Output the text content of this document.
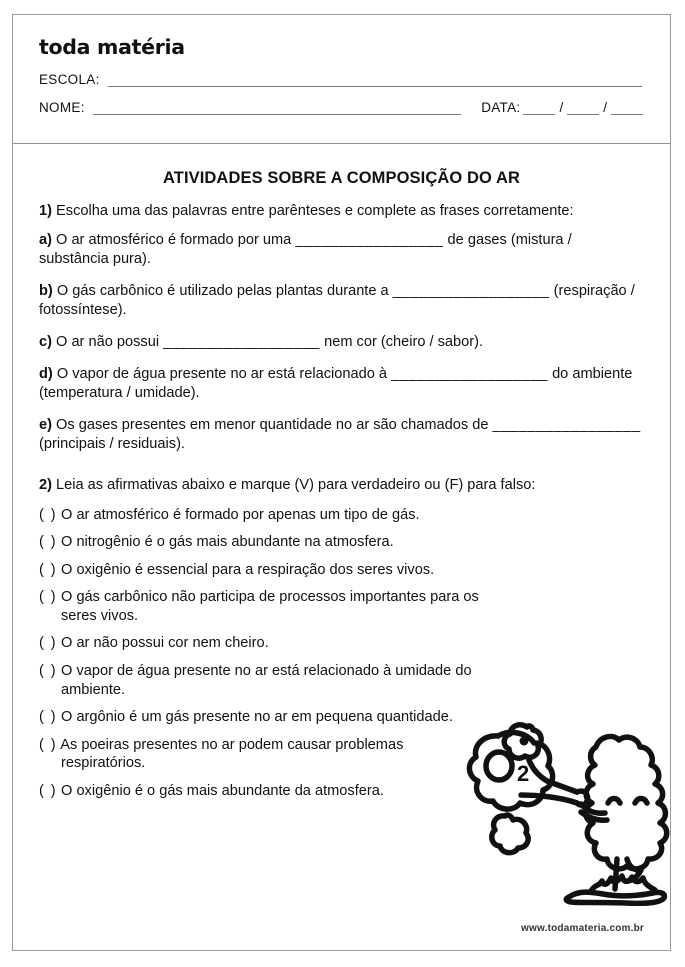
toda matéria
ESCOLA:
NOME:	DATA:	/	/
ATIVIDADES SOBRE A COMPOSIÇÃO DO AR

1) Escolha uma das palavras entre parênteses e complete as frases corretamente:

a) O ar atmosférico é formado por uma _________________ de gases (mistura / substância pura).

b) O gás carbônico é utilizado pelas plantas durante a __________________ (respiração / fotossíntese).

c) O ar não possui __________________ nem cor (cheiro / sabor).

d) O vapor de água presente no ar está relacionado à __________________ do ambiente (temperatura / umidade).

e) Os gases presentes em menor quantidade no ar são chamados de _________________ (principais / residuais).

2) Leia as afirmativas abaixo e marque (V) para verdadeiro ou (F) para falso:

( ) O ar atmosférico é formado por apenas um tipo de gás.
( ) O nitrogênio é o gás mais abundante na atmosfera.
( ) O oxigênio é essencial para a respiração dos seres vivos.
( ) O gás carbônico não participa de processos importantes para os seres vivos.
( ) O ar não possui cor nem cheiro.
( ) O vapor de água presente no ar está relacionado à umidade do ambiente.
( ) O argônio é um gás presente no ar em pequena quantidade.
( ) As poeiras presentes no ar podem causar problemas respiratórios.
( ) O oxigênio é o gás mais abundante da atmosfera.
2
www.todamateria.com.br
